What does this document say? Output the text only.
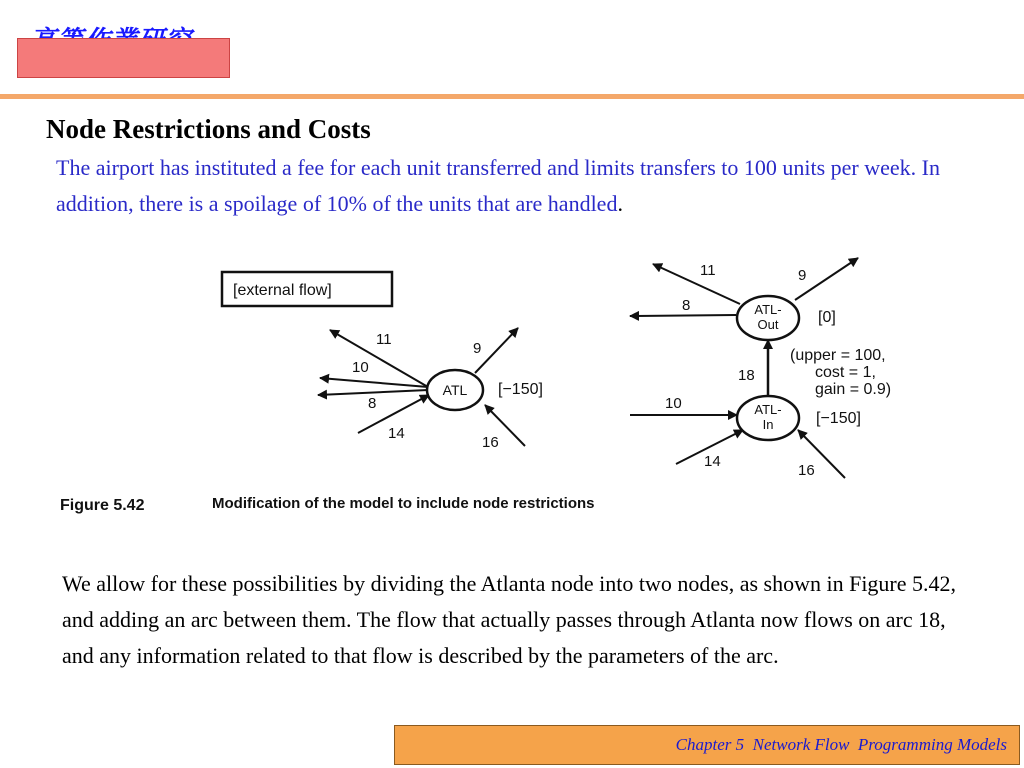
Node Restrictions and Costs

The airport has instituted a fee for each unit transferred and limits transfers to 100 units per week. In addition, there is a spoilage of 10% of the units that are handled.

[external flow]
ATL [−150]
11
9
10
8
14
16
ATL-
Out [0]
ATL-
In	[−150]
11	9
8
18
10
14
16
(upper = 100,
cost = 1,
gain = 0.9)
Figure 5.42	Modification of the model to include node restrictions

We allow for these possibilities by dividing the Atlanta node into two nodes, as shown in Figure 5.42, and adding an arc between them. The flow that actually passes through Atlanta now flows on arc 18, and any information related to that flow is described by the parameters of the arc.

Chapter 5  Network Flow  Programming Models
